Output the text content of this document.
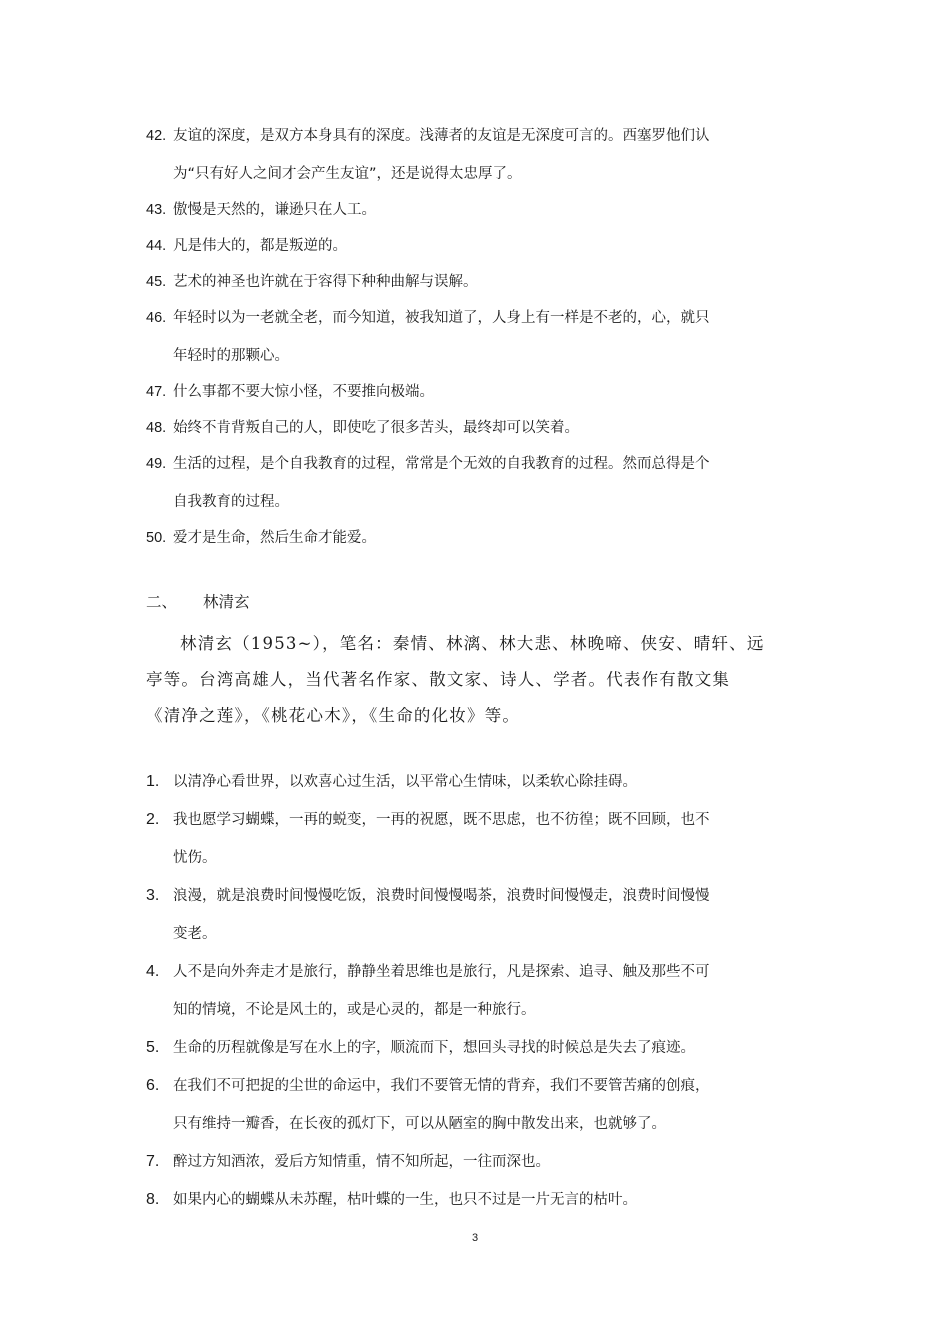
42. 友谊的深度，是双方本身具有的深度。浅薄者的友谊是无深度可言的。西塞罗他们认
为“只有好人之间才会产生友谊”，还是说得太忠厚了。
43. 傲慢是天然的，谦逊只在人工。
44. 凡是伟大的，都是叛逆的。
45. 艺术的神圣也许就在于容得下种种曲解与误解。
46. 年轻时以为一老就全老，而今知道，被我知道了，人身上有一样是不老的，心，就只
年轻时的那颗心。
47. 什么事都不要大惊小怪，不要推向极端。
48. 始终不肯背叛自己的人，即使吃了很多苦头，最终却可以笑着。
49. 生活的过程，是个自我教育的过程，常常是个无效的自我教育的过程。然而总得是个
自我教育的过程。
50. 爱才是生命，然后生命才能爱。
二、 林清玄
林清玄（1953~），笔名：秦情、林漓、林大悲、林晚啼、侠安、晴轩、远
亭等。台湾高雄人，当代著名作家、散文家、诗人、学者。代表作有散文集
《清净之莲》，《桃花心木》，《生命的化妆》等。
1. 以清净心看世界，以欢喜心过生活，以平常心生情味，以柔软心除挂碍。
2. 我也愿学习蝴蝶，一再的蜕变，一再的祝愿，既不思虑，也不彷徨；既不回顾，也不
忧伤。
3. 浪漫，就是浪费时间慢慢吃饭，浪费时间慢慢喝茶，浪费时间慢慢走，浪费时间慢慢
变老。
4. 人不是向外奔走才是旅行，静静坐着思维也是旅行，凡是探索、追寻、触及那些不可
知的情境，不论是风土的，或是心灵的，都是一种旅行。
5. 生命的历程就像是写在水上的字，顺流而下，想回头寻找的时候总是失去了痕迹。
6. 在我们不可把捉的尘世的命运中，我们不要管无情的背弃，我们不要管苦痛的创痕，
只有维持一瓣香，在长夜的孤灯下，可以从陋室的胸中散发出来，也就够了。
7. 醉过方知酒浓，爱后方知情重，情不知所起，一往而深也。
8. 如果内心的蝴蝶从未苏醒，枯叶蝶的一生，也只不过是一片无言的枯叶。
3
